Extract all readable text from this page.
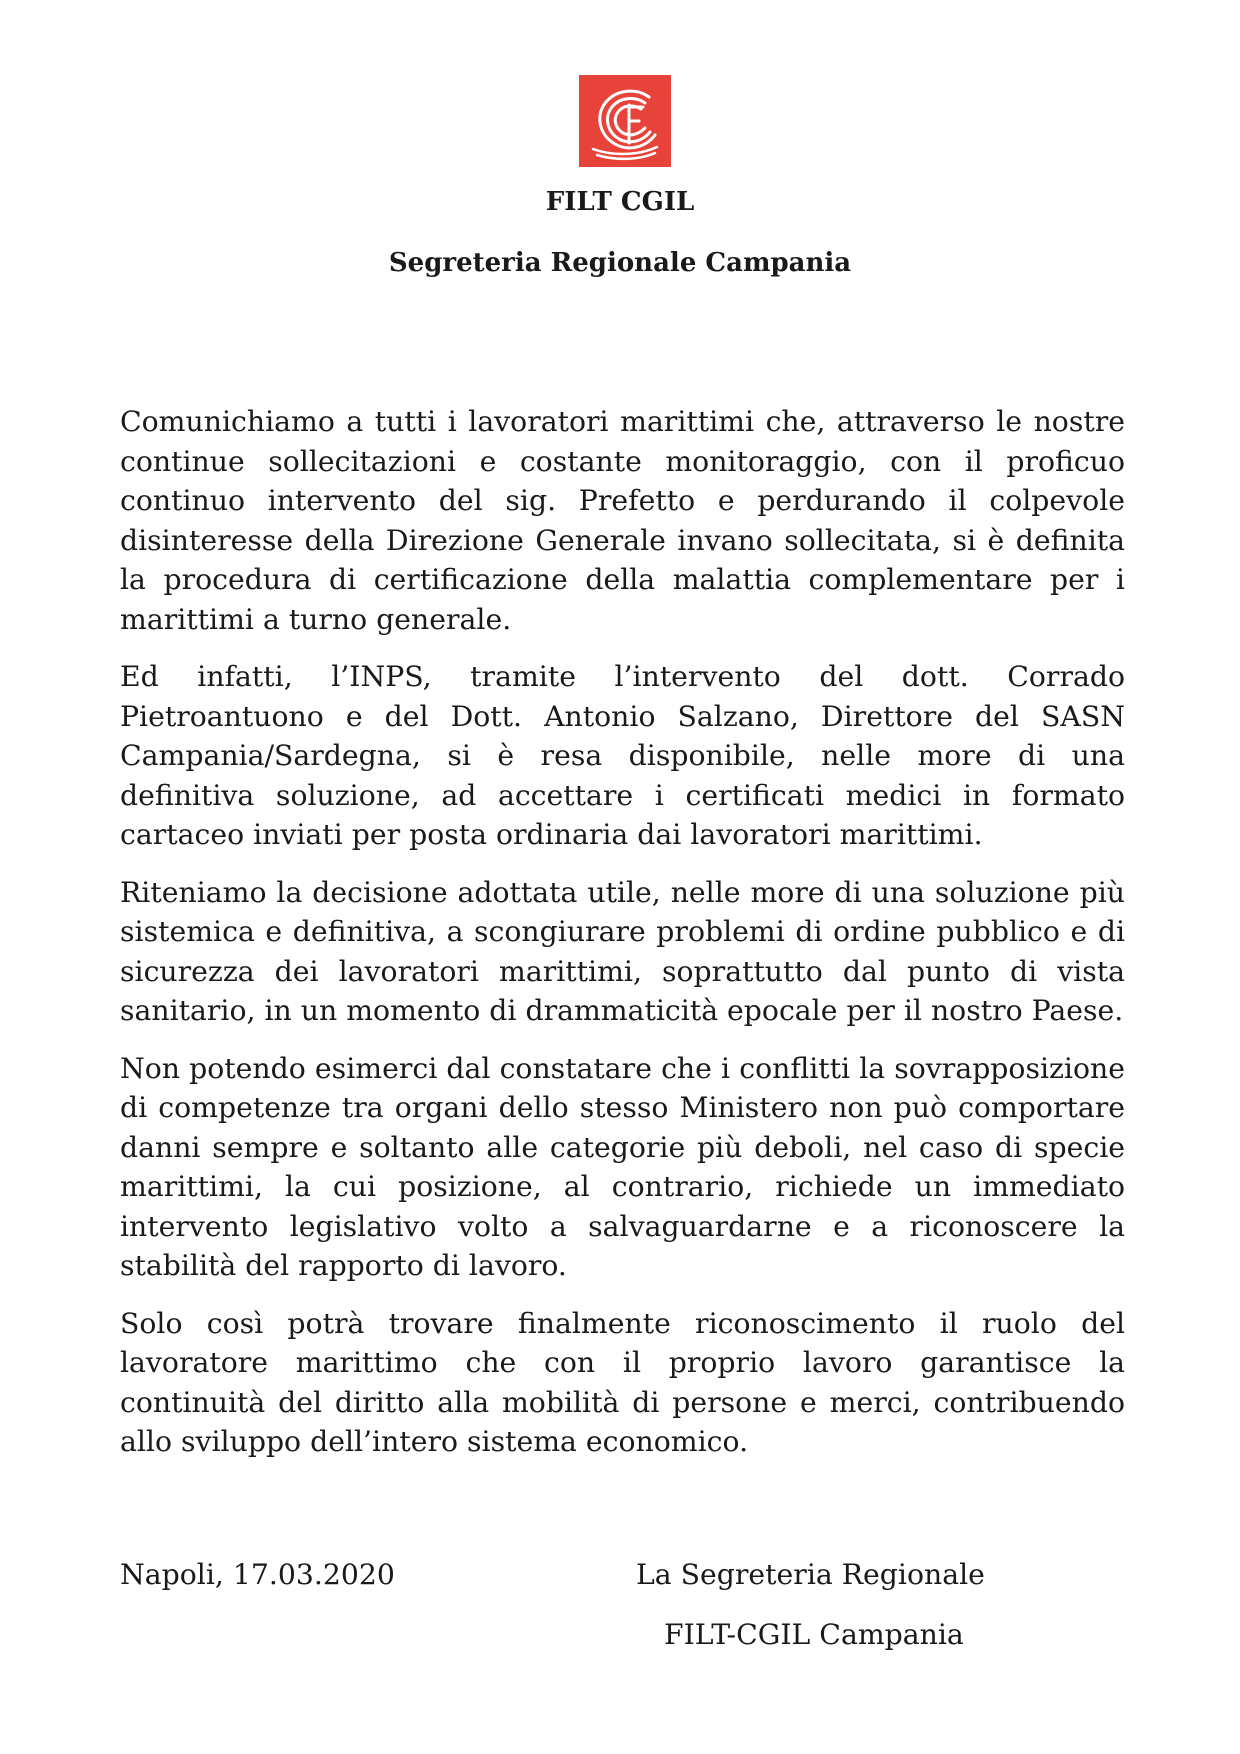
FILT CGIL
Segreteria Regionale Campania

Comunichiamo a tutti i lavoratori marittimi che, attraverso le nostre continue sollecitazioni e costante monitoraggio, con il proficuo continuo intervento del sig. Prefetto e perdurando il colpevole disinteresse della Direzione Generale invano sollecitata, si è definita la procedura di certificazione della malattia complementare per i marittimi a turno generale.

Ed infatti, l’INPS, tramite l’intervento del dott. Corrado Pietroantuono e del Dott. Antonio Salzano, Direttore del SASN Campania/Sardegna, si è resa disponibile, nelle more di una definitiva soluzione, ad accettare i certificati medici in formato cartaceo inviati per posta ordinaria dai lavoratori marittimi.

Riteniamo la decisione adottata utile, nelle more di una soluzione più sistemica e definitiva, a scongiurare problemi di ordine pubblico e di sicurezza dei lavoratori marittimi, soprattutto dal punto di vista sanitario, in un momento di drammaticità epocale per il nostro Paese.

Non potendo esimerci dal constatare che i conflitti la sovrapposizione di competenze tra organi dello stesso Ministero non può comportare danni sempre e soltanto alle categorie più deboli, nel caso di specie marittimi, la cui posizione, al contrario, richiede un immediato intervento legislativo volto a salvaguardarne e a riconoscere la stabilità del rapporto di lavoro.

Solo così potrà trovare finalmente riconoscimento il ruolo del lavoratore marittimo che con il proprio lavoro garantisce la continuità del diritto alla mobilità di persone e merci, contribuendo allo sviluppo dell’intero sistema economico.

Napoli, 17.03.2020	La Segreteria Regionale
FILT-CGIL Campania
